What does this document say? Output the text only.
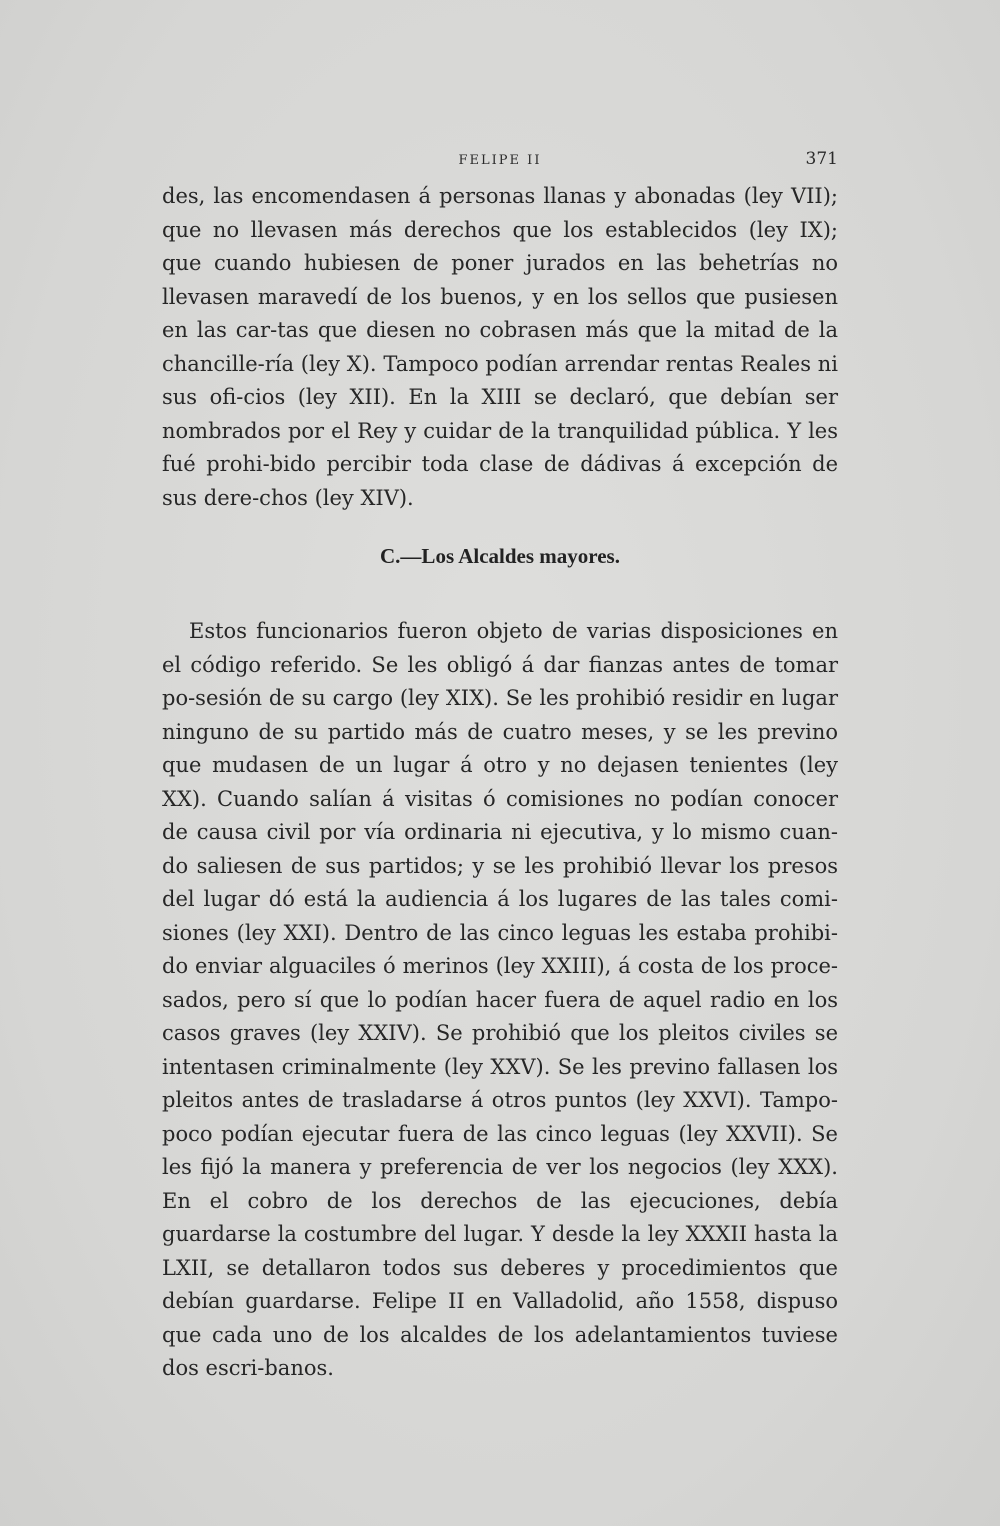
FELIPE II	371
des, las encomendasen á personas llanas y abonadas (ley VII); que no llevasen más derechos que los establecidos (ley IX); que cuando hubiesen de poner jurados en las behetrías no llevasen maravedí de los buenos, y en los sellos que pusiesen en las car-tas que diesen no cobrasen más que la mitad de la chancille-ría (ley X). Tampoco podían arrendar rentas Reales ni sus ofi-cios (ley XII). En la XIII se declaró, que debían ser nombrados por el Rey y cuidar de la tranquilidad pública. Y les fué prohi-bido percibir toda clase de dádivas á excepción de sus dere-chos (ley XIV).
C.—Los Alcaldes mayores.
Estos funcionarios fueron objeto de varias disposiciones en el código referido. Se les obligó á dar fianzas antes de tomar po-sesión de su cargo (ley XIX). Se les prohibió residir en lugar ninguno de su partido más de cuatro meses, y se les previno que mudasen de un lugar á otro y no dejasen tenientes (ley XX). Cuando salían á visitas ó comisiones no podían conocer de causa civil por vía ordinaria ni ejecutiva, y lo mismo cuan-do saliesen de sus partidos; y se les prohibió llevar los presos del lugar dó está la audiencia á los lugares de las tales comi-siones (ley XXI). Dentro de las cinco leguas les estaba prohibi-do enviar alguaciles ó merinos (ley XXIII), á costa de los proce-sados, pero sí que lo podían hacer fuera de aquel radio en los casos graves (ley XXIV). Se prohibió que los pleitos civiles se intentasen criminalmente (ley XXV). Se les previno fallasen los pleitos antes de trasladarse á otros puntos (ley XXVI). Tampo-poco podían ejecutar fuera de las cinco leguas (ley XXVII). Se les fijó la manera y preferencia de ver los negocios (ley XXX). En el cobro de los derechos de las ejecuciones, debía guardarse la costumbre del lugar. Y desde la ley XXXII hasta la LXII, se detallaron todos sus deberes y procedimientos que debían guardarse. Felipe II en Valladolid, año 1558, dispuso que cada uno de los alcaldes de los adelantamientos tuviese dos escri-banos.
